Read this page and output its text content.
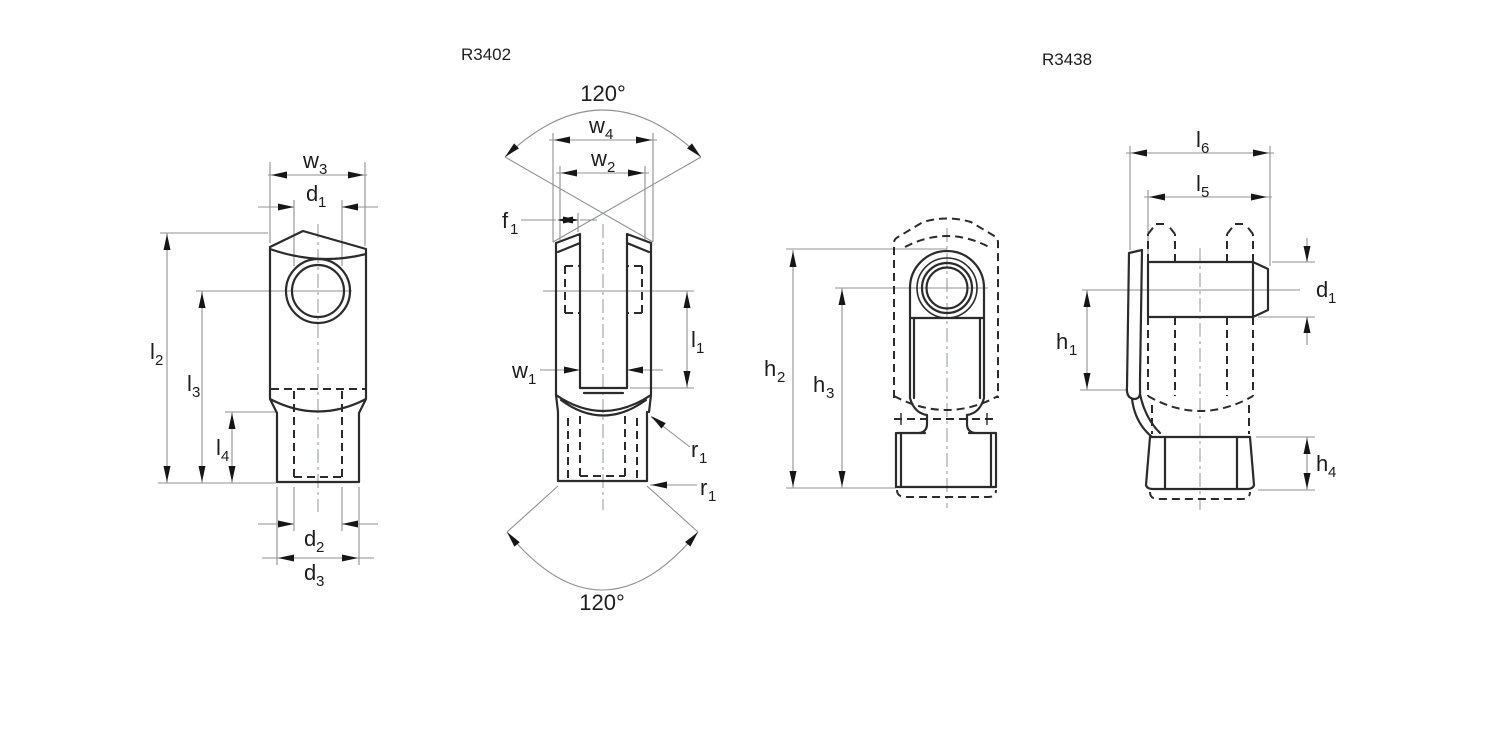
R3402	R3438
w 3
d 1
l 2
l 3
l 4
d 2
d 3
120°
120°
w 4
w 2
f 1
w 1
l 1
r 1
r 1
h 2 h 3
l 6
l 5
d 1
h 1
h 4
